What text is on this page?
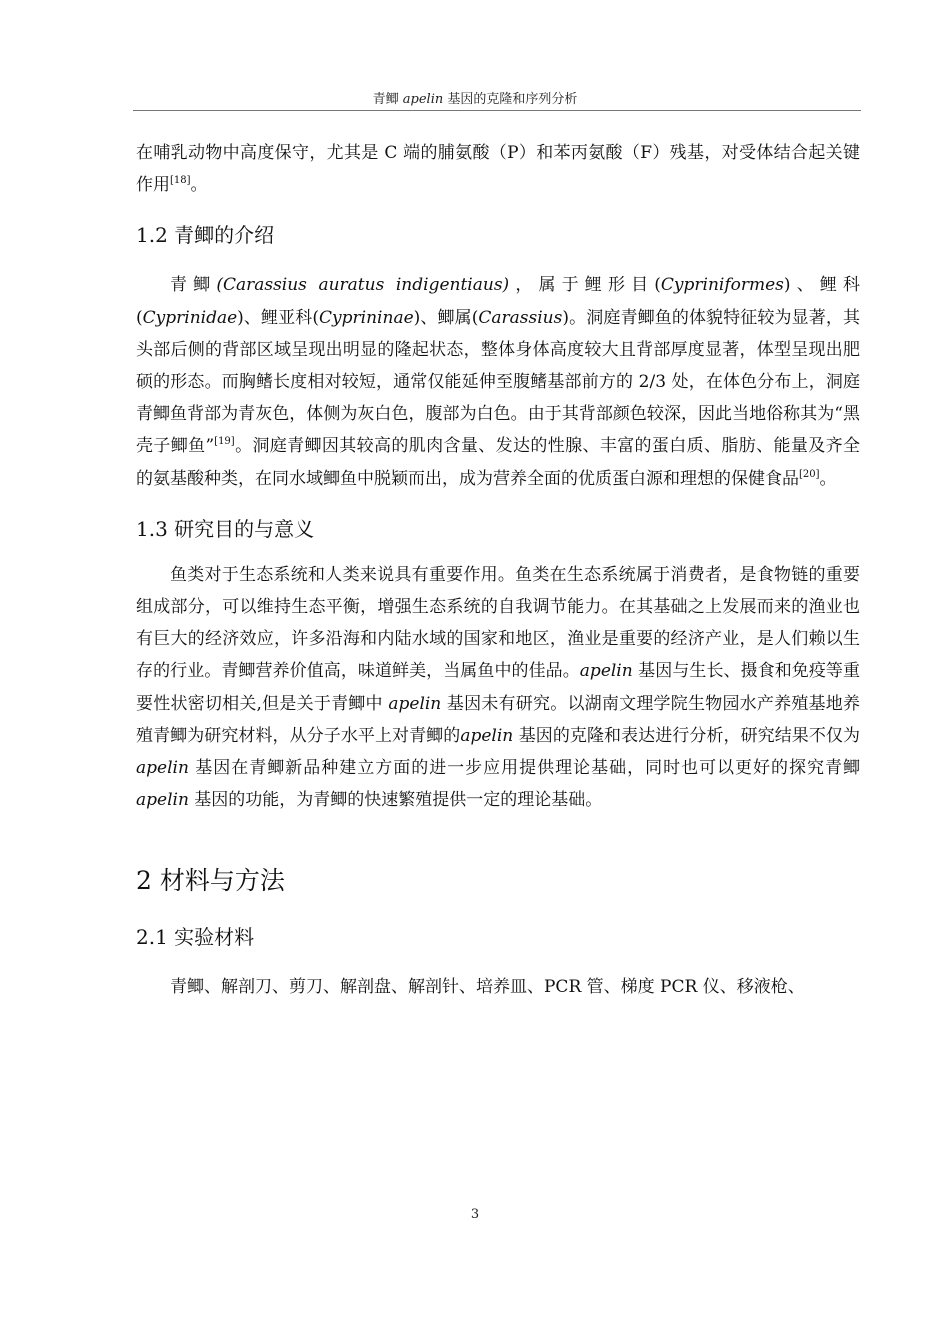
青鲫 apelin 基因的克隆和序列分析

在哺乳动物中高度保守，尤其是 C 端的脯氨酸（P）和苯丙氨酸（F）残基，对受体结合起关键作用[18]。

1.2 青鲫的介绍

青鲫(Carassius auratus indigentiaus)，属于鲤形目(Cypriniformes)、鲤科(Cyprinidae)、鲤亚科(Cyprininae)、鲫属(Carassius)。洞庭青鲫鱼的体貌特征较为显著，其头部后侧的背部区域呈现出明显的隆起状态，整体身体高度较大且背部厚度显著，体型呈现出肥硕的形态。而胸鳍长度相对较短，通常仅能延伸至腹鳍基部前方的 2/3 处，在体色分布上，洞庭青鲫鱼背部为青灰色，体侧为灰白色，腹部为白色。由于其背部颜色较深，因此当地俗称其为“黑壳子鲫鱼”[19]。洞庭青鲫因其较高的肌肉含量、发达的性腺、丰富的蛋白质、脂肪、能量及齐全的氨基酸种类，在同水域鲫鱼中脱颖而出，成为营养全面的优质蛋白源和理想的保健食品[20]。

1.3 研究目的与意义

鱼类对于生态系统和人类来说具有重要作用。鱼类在生态系统属于消费者，是食物链的重要组成部分，可以维持生态平衡，增强生态系统的自我调节能力。在其基础之上发展而来的渔业也有巨大的经济效应，许多沿海和内陆水域的国家和地区，渔业是重要的经济产业，是人们赖以生存的行业。青鲫营养价值高，味道鲜美，当属鱼中的佳品。apelin 基因与生长、摄食和免疫等重要性状密切相关,但是关于青鲫中 apelin 基因未有研究。以湖南文理学院生物园水产养殖基地养殖青鲫为研究材料，从分子水平上对青鲫的apelin 基因的克隆和表达进行分析，研究结果不仅为 apelin 基因在青鲫新品种建立方面的进一步应用提供理论基础，同时也可以更好的探究青鲫 apelin 基因的功能，为青鲫的快速繁殖提供一定的理论基础。

2 材料与方法
2.1 实验材料

青鲫、解剖刀、剪刀、解剖盘、解剖针、培养皿、PCR 管、梯度 PCR 仪、移液枪、

3
